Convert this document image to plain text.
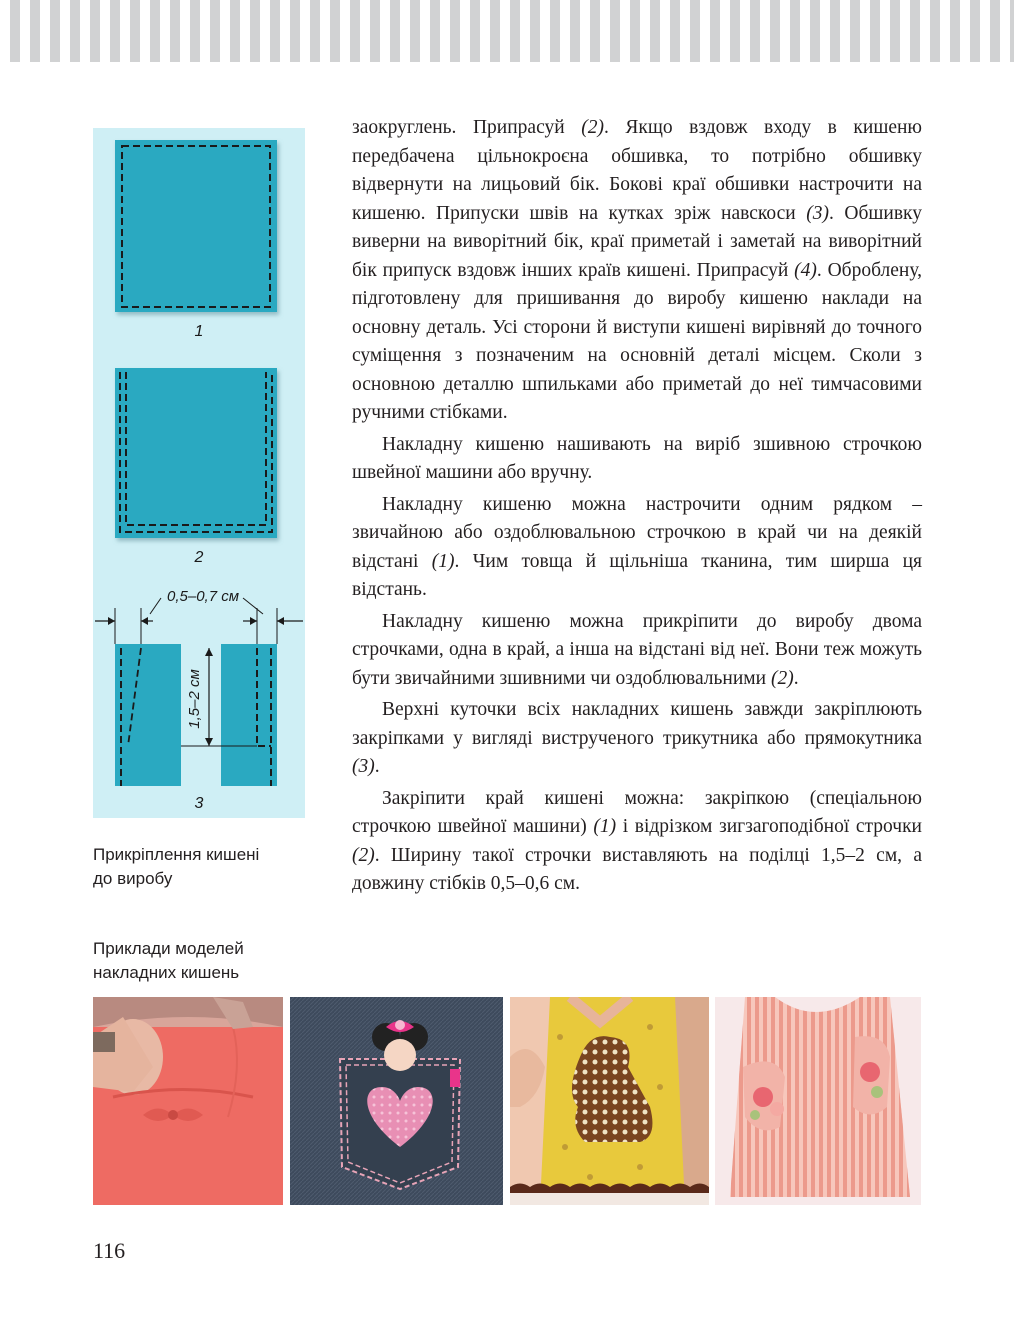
1,5–2 см
0,5–0,7 см
1
2
3

Прикріплення кишені
до виробу

Приклади моделей
накладних кишень

заокруглень. Припрасуй (2). Якщо вздовж входу в кишеню передбачена цільнокроєна обшивка, то потрібно обшивку відвернути на лицьовий бік. Бокові краї обшивки настрочити на кишеню. Припуски швів на кутках зріж навскоси (3). Обшивку виверни на виворітний бік, краї приметай і заметай на виворітний бік припуск вздовж інших країв кишені. Припрасуй (4). Оброблену, підготовлену для пришивання до виробу кишеню наклади на основну деталь. Усі сторони й виступи кишені вирівняй до точного суміщення з позначеним на основній деталі місцем. Сколи з основною деталлю шпильками або приметай до неї тимчасовими ручними стібками.

Накладну кишеню нашивають на виріб зшивною строчкою швейної машини або вручну.

Накладну кишеню можна настрочити одним рядком – звичайною або оздоблювальною строчкою в край чи на деякій відстані (1). Чим товща й щільніша тканина, тим ширша ця відстань.

Накладну кишеню можна прикріпити до виробу двома строчками, одна в край, а інша на відстані від неї. Вони теж можуть бути звичайними зшивними чи оздоблювальними (2).

Верхні куточки всіх накладних кишень завжди закріплюють закріпками у вигляді виструченого трикутника або прямокутника (3).

Закріпити край кишені можна: закріпкою (спеціальною строчкою швейної машини) (1) і відрізком зигзагоподібної строчки (2). Ширину такої строчки виставляють на поділці 1,5–2 см, а довжину стібків 0,5–0,6 см.

116
